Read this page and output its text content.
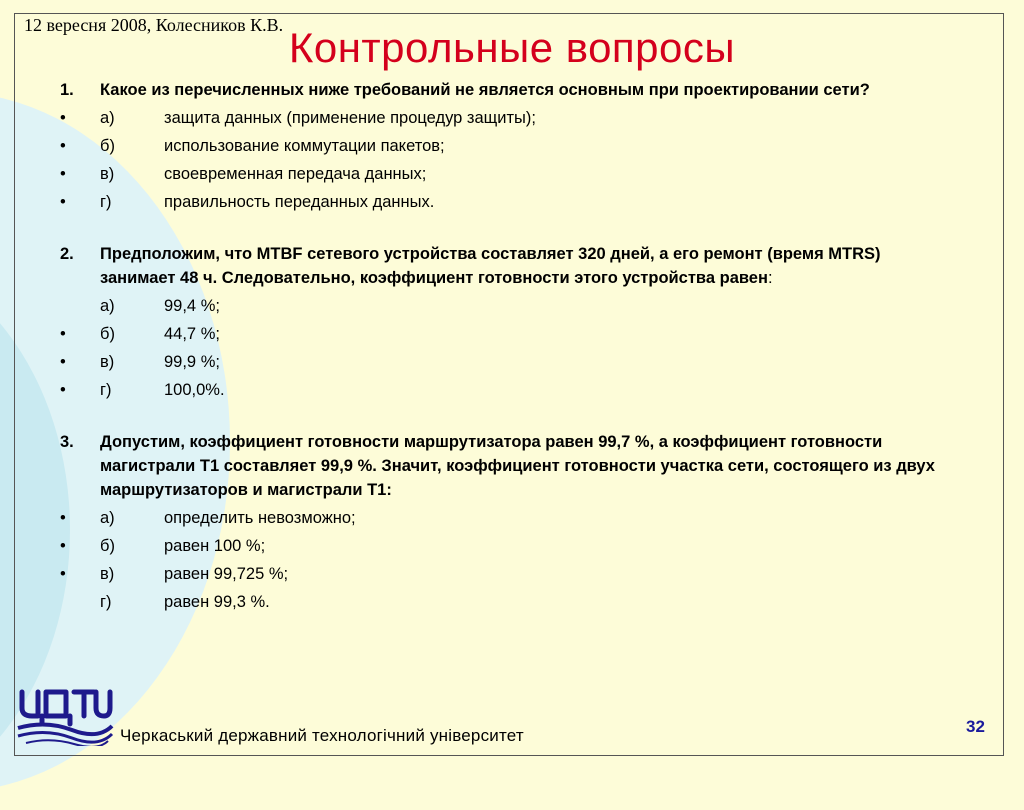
12 вересня 2008, Колесников К.В. Контрольные вопросы
1. Какое из перечисленных ниже требований не является основным при проектировании сети?
• а)	защита данных (применение процедур защиты);
• б)	использование коммутации пакетов;
• в)	своевременная передача данных;
• г)	правильность переданных данных.
2. Предположим, что MTBF сетевого устройства составляет 320 дней, а его ремонт (время MTRS) занимает 48 ч. Следовательно, коэффициент готовности этого устройства равен:
а)	99,4 %;
• б)	44,7 %;
• в)	99,9 %;
• г)	100,0%.
3. Допустим, коэффициент готовности маршрутизатора равен 99,7 %, а коэффициент готовности магистрали Т1 составляет 99,9 %. Значит, коэффициент готовности участка сети, состоящего из двух маршрутизаторов и магистрали Т1:
• а)	определить невозможно;
• б)	равен 100 %;
• в)	равен 99,725 %;
г)	равен 99,3 %.
Черкаський державний технологічний університет	32
